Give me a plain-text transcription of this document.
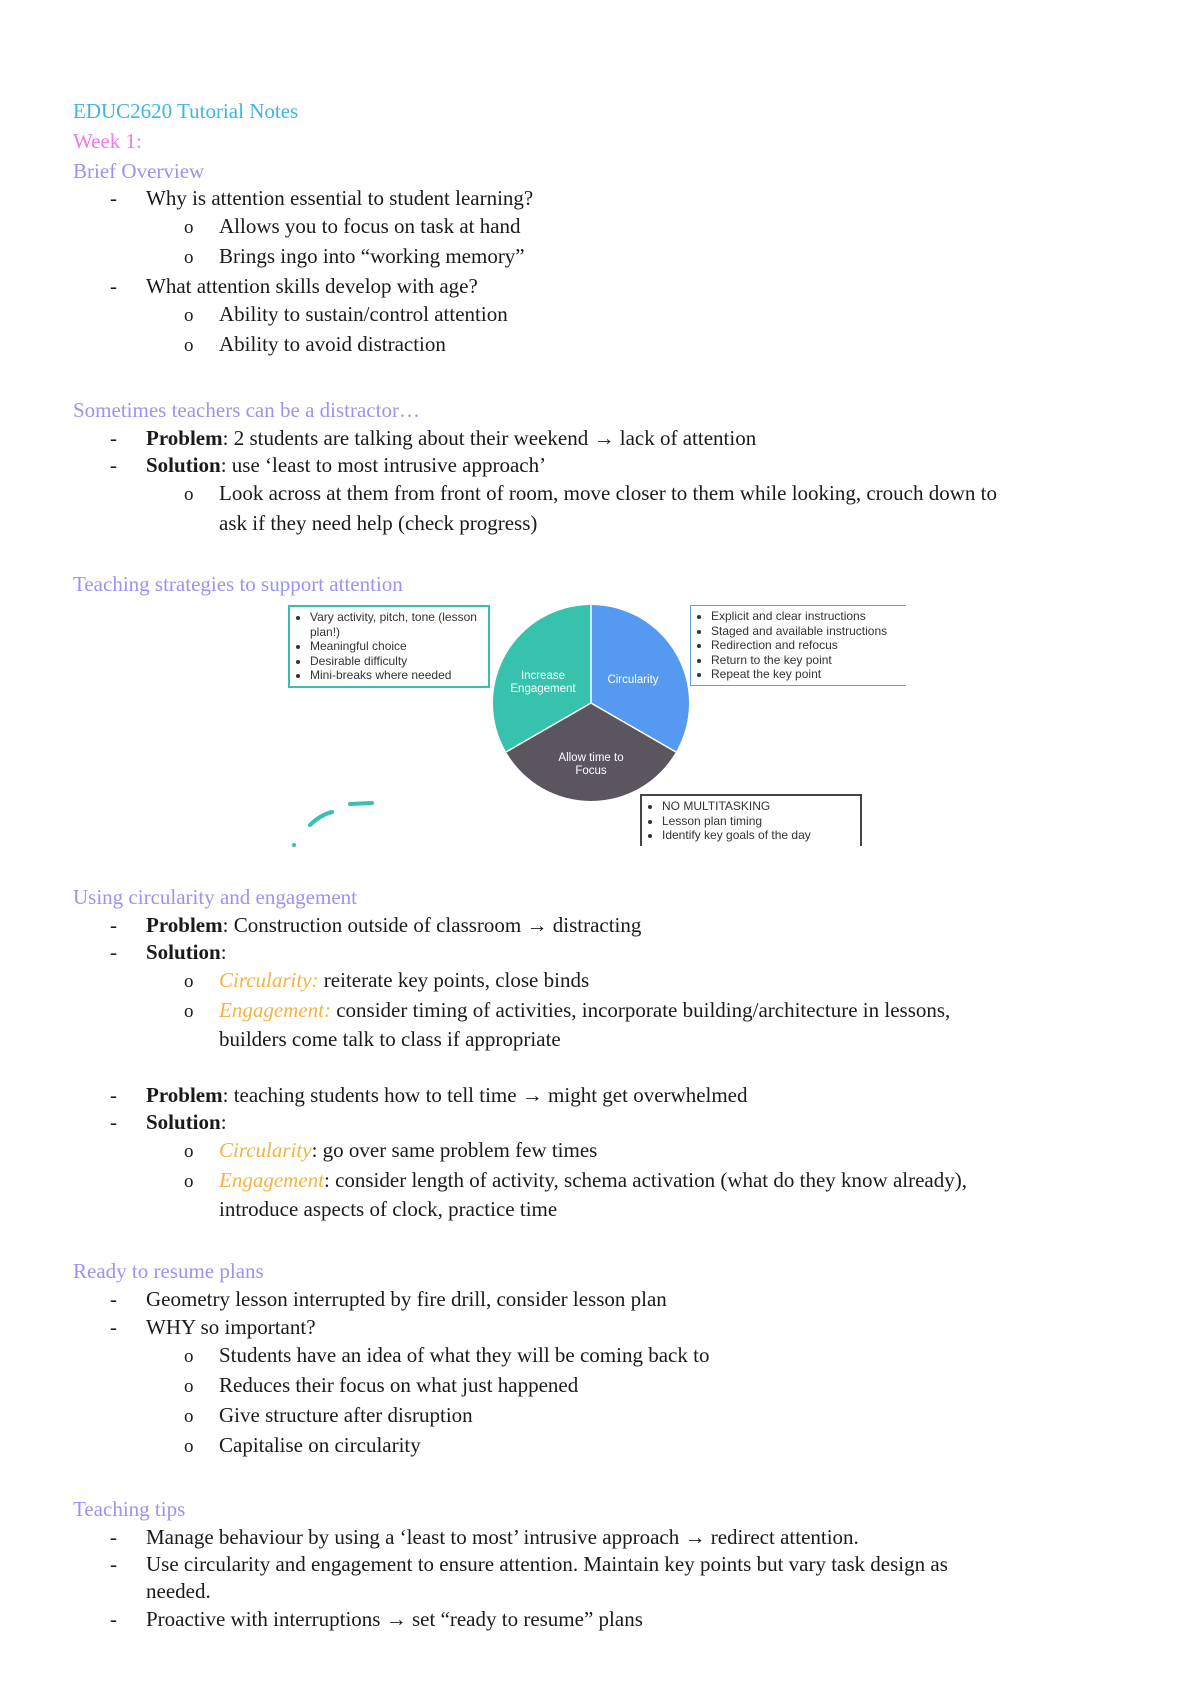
EDUC2620 Tutorial Notes
Week 1:
Brief Overview
- Why is attention essential to student learning?
o Allows you to focus on task at hand
o Brings ingo into “working memory”
- What attention skills develop with age?
o Ability to sustain/control attention
o Ability to avoid distraction
Sometimes teachers can be a distractor…
- Problem: 2 students are talking about their weekend → lack of attention
- Solution: use ‘least to most intrusive approach’
o Look across at them from front of room, move closer to them while looking, crouch down to
ask if they need help (check progress)
Teaching strategies to support attention
• Vary activity, pitch, tone (lesson plan!)
• Meaningful choice
• Desirable difficulty
• Mini-breaks where needed	Increase Engagement
Circularity
Allow time to Focus
• Explicit and clear instructions
• Staged and available instructions
• Redirection and refocus
• Return to the key point
• Repeat the key point
• NO MULTITASKING
• Lesson plan timing
• Identify key goals of the day
Using circularity and engagement
- Problem: Construction outside of classroom → distracting
- Solution:
o Circularity: reiterate key points, close binds
o Engagement: consider timing of activities, incorporate building/architecture in lessons,
builders come talk to class if appropriate
- Problem: teaching students how to tell time → might get overwhelmed
- Solution:
o Circularity: go over same problem few times
o Engagement: consider length of activity, schema activation (what do they know already),
introduce aspects of clock, practice time
Ready to resume plans
- Geometry lesson interrupted by fire drill, consider lesson plan
- WHY so important?
o Students have an idea of what they will be coming back to
o Reduces their focus on what just happened
o Give structure after disruption
o Capitalise on circularity
Teaching tips
- Manage behaviour by using a ‘least to most’ intrusive approach → redirect attention.
- Use circularity and engagement to ensure attention. Maintain key points but vary task design as
needed.
- Proactive with interruptions → set “ready to resume” plans
